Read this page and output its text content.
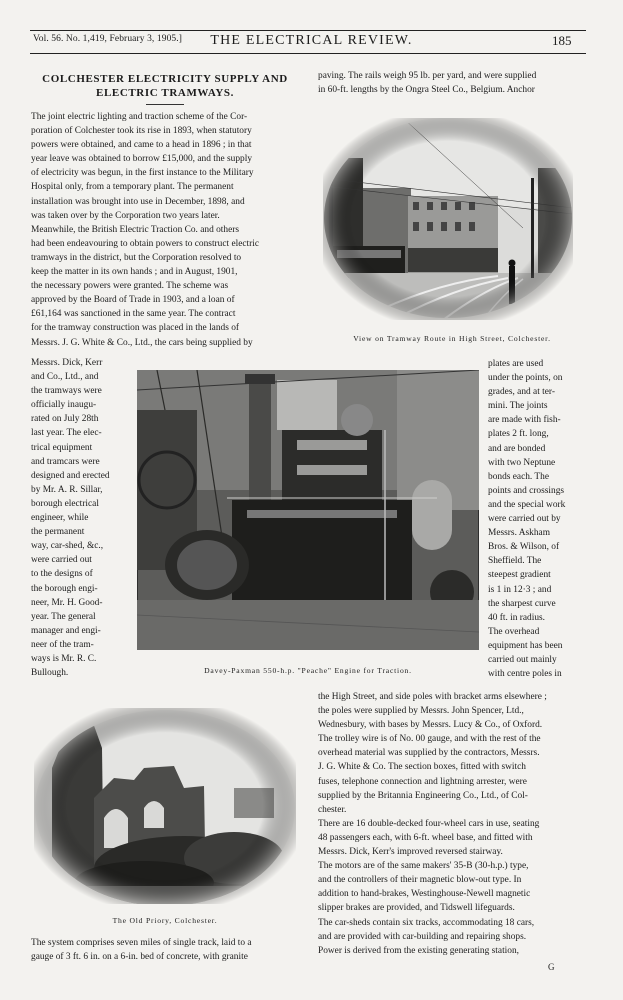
Vol. 56. No. 1,419, February 3, 1905.]	THE ELECTRICAL REVIEW.	185
COLCHESTER ELECTRICITY SUPPLY AND
ELECTRIC TRAMWAYS.
The joint electric lighting and traction scheme of the Cor-
poration of Colchester took its rise in 1893, when statutory
powers were obtained, and came to a head in 1896 ; in that
year leave was obtained to borrow £15,000, and the supply
of electricity was begun, in the first instance to the Military
Hospital only, from a temporary plant. The permanent
installation was brought into use in December, 1898, and
was taken over by the Corporation two years later.
Meanwhile, the British Electric Traction Co. and others
had been endeavouring to obtain powers to construct electric
tramways in the district, but the Corporation resolved to
keep the matter in its own hands ; and in August, 1901,
the necessary powers were granted. The scheme was
approved by the Board of Trade in 1903, and a loan of
£61,164 was sanctioned in the same year. The contract
for the tramway construction was placed in the lands of
Messrs. J. G. White & Co., Ltd., the cars being supplied by
Messrs. Dick, Kerr
and Co., Ltd., and
the tramways were
officially inaugu-
rated on July 28th
last year. The elec-
trical equipment
and tramcars were
designed and erected
by Mr. A. R. Sillar,
borough electrical
engineer, while
the permanent
way, car-shed, &c.,
were carried out
to the designs of
the borough engi-
neer, Mr. H. Good-
year. The general
manager and engi-
neer of the tram-
ways is Mr. R. C.
Bullough.
The system comprises seven miles of single track, laid to a
gauge of 3 ft. 6 in. on a 6-in. bed of concrete, with granite
paving. The rails weigh 95 lb. per yard, and were supplied
in 60-ft. lengths by the Ongra Steel Co., Belgium. Anchor
plates are used
under the points, on
grades, and at ter-
mini. The joints
are made with fish-
plates 2 ft. long,
and are bonded
with two Neptune
bonds each. The
points and crossings
and the special work
were carried out by
Messrs. Askham
Bros. & Wilson, of
Sheffield. The
steepest gradient
is 1 in 12·3 ; and
the sharpest curve
40 ft. in radius.
The overhead
equipment has been
carried out mainly
with centre poles in
the High Street, and side poles with bracket arms elsewhere ;
the poles were supplied by Messrs. John Spencer, Ltd.,
Wednesbury, with bases by Messrs. Lucy & Co., of Oxford.
The trolley wire is of No. 00 gauge, and with the rest of the
overhead material was supplied by the contractors, Messrs.
J. G. White & Co. The section boxes, fitted with switch
fuses, telephone connection and lightning arrester, were
supplied by the Britannia Engineering Co., Ltd., of Col-
chester.
There are 16 double-decked four-wheel cars in use, seating
48 passengers each, with 6-ft. wheel base, and fitted with
Messrs. Dick, Kerr's improved reversed stairway.
The motors are of the same makers' 35-B (30-h.p.) type,
and the controllers of their magnetic blow-out type. In
addition to hand-brakes, Westinghouse-Newell magnetic
slipper brakes are provided, and Tidswell lifeguards.
The car-sheds contain six tracks, accommodating 18 cars,
and are provided with car-building and repairing shops.
Power is derived from the existing generating station,
G
View on Tramway Route in High Street, Colchester.
Davey-Paxman 550-h.p. "Peache" Engine for Traction.
The Old Priory, Colchester.
